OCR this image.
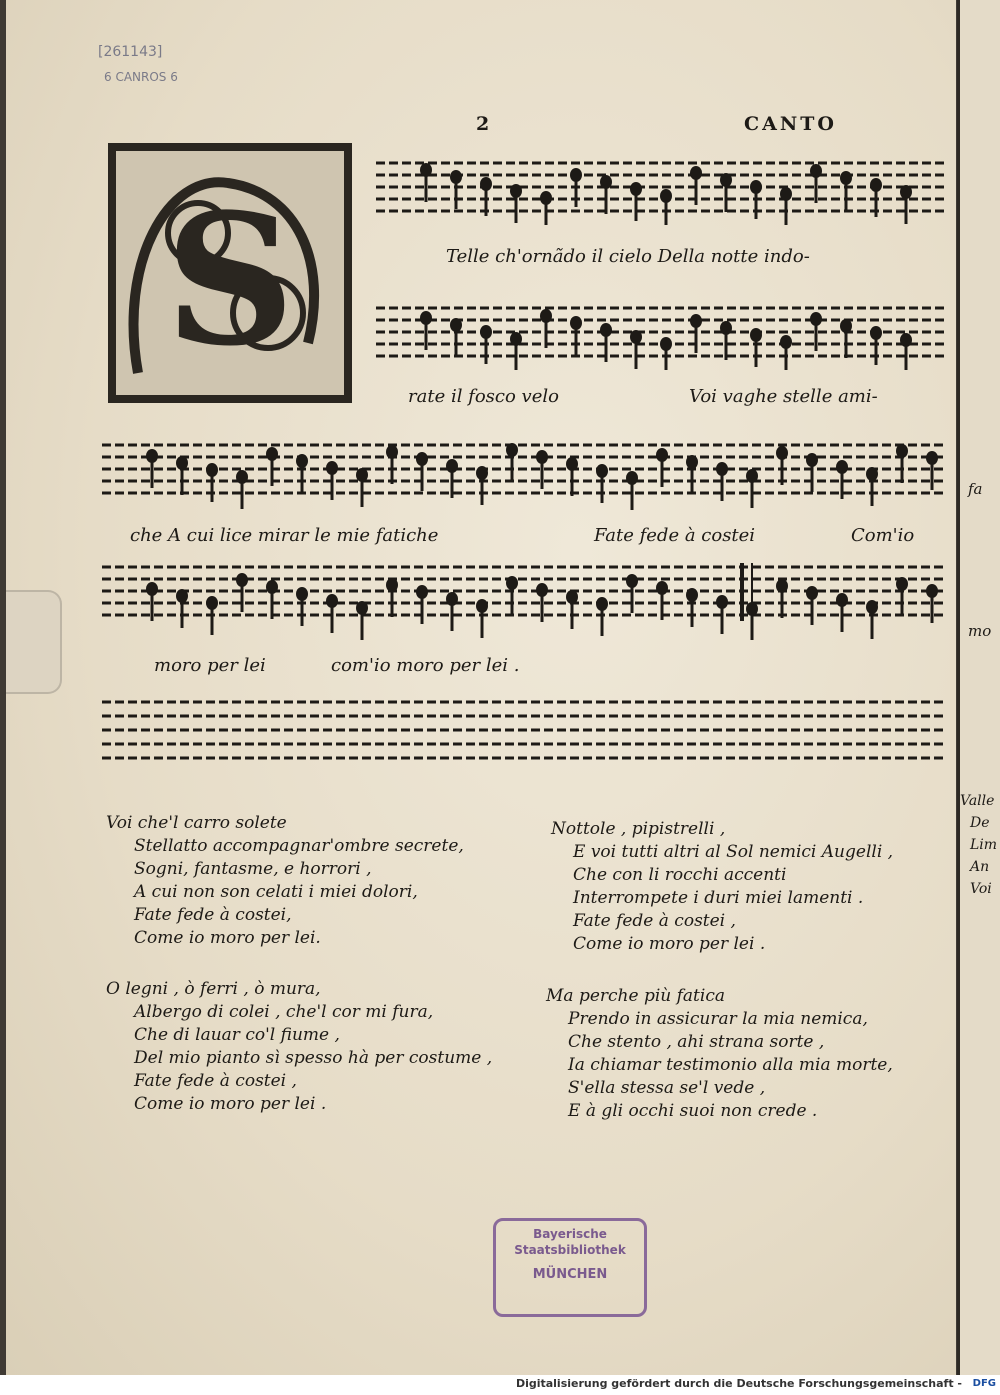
[261143]
6 CANROS 6
2	CANTO
S	Telle ch'ornãdo il cielo Della notte indo-
rate il fosco velo	Voi vaghe stelle ami-
che A cui lice mirar le mie fatiche	Fate fede à costei	Com'io
moro per lei	com'io moro per lei .
Voi che'l carro solete
Stellatto accompagnar'ombre secrete,
Sogni, fantasme, e horrori ,
A cui non son celati i miei dolori,
Fate fede à costei,
Come io moro per lei.
O legni , ò ferri , ò mura,
Albergo di colei , che'l cor mi fura,
Che di lauar co'l fiume ,
Del mio pianto sì spesso hà per costume ,
Fate fede à costei ,
Come io moro per lei .
Nottole , pipistrelli ,
E voi tutti altri al Sol nemici Augelli ,
Che con li rocchi accenti
Interrompete i duri miei lamenti .
Fate fede à costei ,
Come io moro per lei .
Ma perche più fatica
Prendo in assicurar la mia nemica,
Che stento , ahi strana sorte ,
Ia chiamar testimonio alla mia morte,
S'ella stessa se'l vede ,
E à gli occhi suoi non crede .
Bayerische
Staatsbibliothek
MÜNCHEN
fa
mo
Valle
De
Lim
An
Voi
Digitalisierung gefördert durch die Deutsche Forschungsgemeinschaft - DFG
